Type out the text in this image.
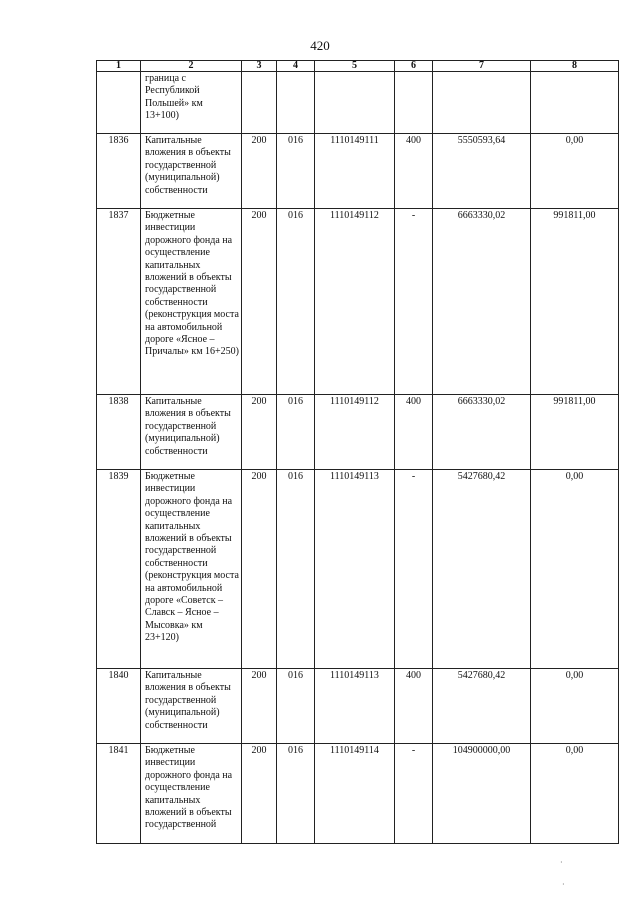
420
1	2	3	4	5	6	7	8
	граница с Республикой Польшей» км 13+100)						
1836	Капитальные вложения в объекты государственной (муниципальной) собственности	200	016	1110149111	400	5550593,64	0,00
1837	Бюджетные инвестиции дорожного фонда на осуществление капитальных вложений в объекты государственной собственности (реконструкция моста на автомобильной дороге «Ясное – Причалы» км 16+250)	200	016	1110149112	-	6663330,02	991811,00
1838	Капитальные вложения в объекты государственной (муниципальной) собственности	200	016	1110149112	400	6663330,02	991811,00
1839	Бюджетные инвестиции дорожного фонда на осуществление капитальных вложений в объекты государственной собственности (реконструкция моста на автомобильной дороге «Советск – Славск – Ясное – Мысовка» км 23+120)	200	016	1110149113	-	5427680,42	0,00
1840	Капитальные вложения в объекты государственной (муниципальной) собственности	200	016	1110149113	400	5427680,42	0,00
1841	Бюджетные инвестиции дорожного фонда на осуществление капитальных вложений в объекты государственной	200	016	1110149114	-	104900000,00	0,00
·
·
